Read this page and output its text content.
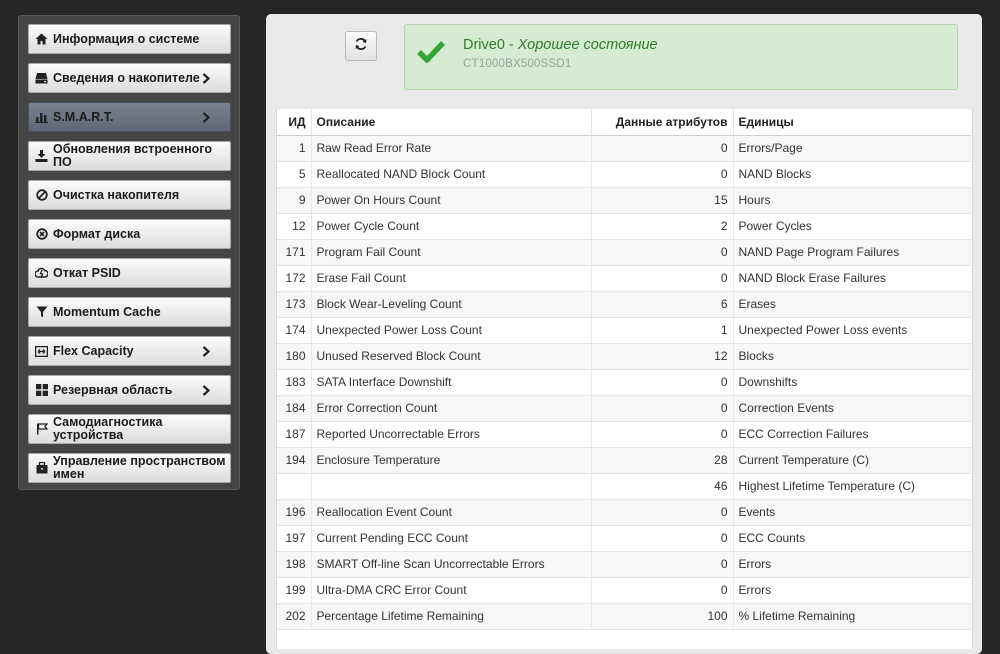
Информация о системе
Сведения о накопителе
S.M.A.R.T.
Обновления встроенного ПО
Очистка накопителя
Формат диска
Откат PSID
Momentum Cache
Flex Capacity
Резервная область
Самодиагностика устройства
Управление пространством имен
Drive0 - Хорошее состояние
CT1000BX500SSD1
ИД	Описание	Данные атрибутов	Единицы
1	Raw Read Error Rate	0	Errors/Page
5	Reallocated NAND Block Count	0	NAND Blocks
9	Power On Hours Count	15	Hours
12	Power Cycle Count	2	Power Cycles
171	Program Fail Count	0	NAND Page Program Failures
172	Erase Fail Count	0	NAND Block Erase Failures
173	Block Wear-Leveling Count	6	Erases
174	Unexpected Power Loss Count	1	Unexpected Power Loss events
180	Unused Reserved Block Count	12	Blocks
183	SATA Interface Downshift	0	Downshifts
184	Error Correction Count	0	Correction Events
187	Reported Uncorrectable Errors	0	ECC Correction Failures
194	Enclosure Temperature	28	Current Temperature (C)
		46	Highest Lifetime Temperature (C)
196	Reallocation Event Count	0	Events
197	Current Pending ECC Count	0	ECC Counts
198	SMART Off-line Scan Uncorrectable Errors	0	Errors
199	Ultra-DMA CRC Error Count	0	Errors
202	Percentage Lifetime Remaining	100	% Lifetime Remaining
